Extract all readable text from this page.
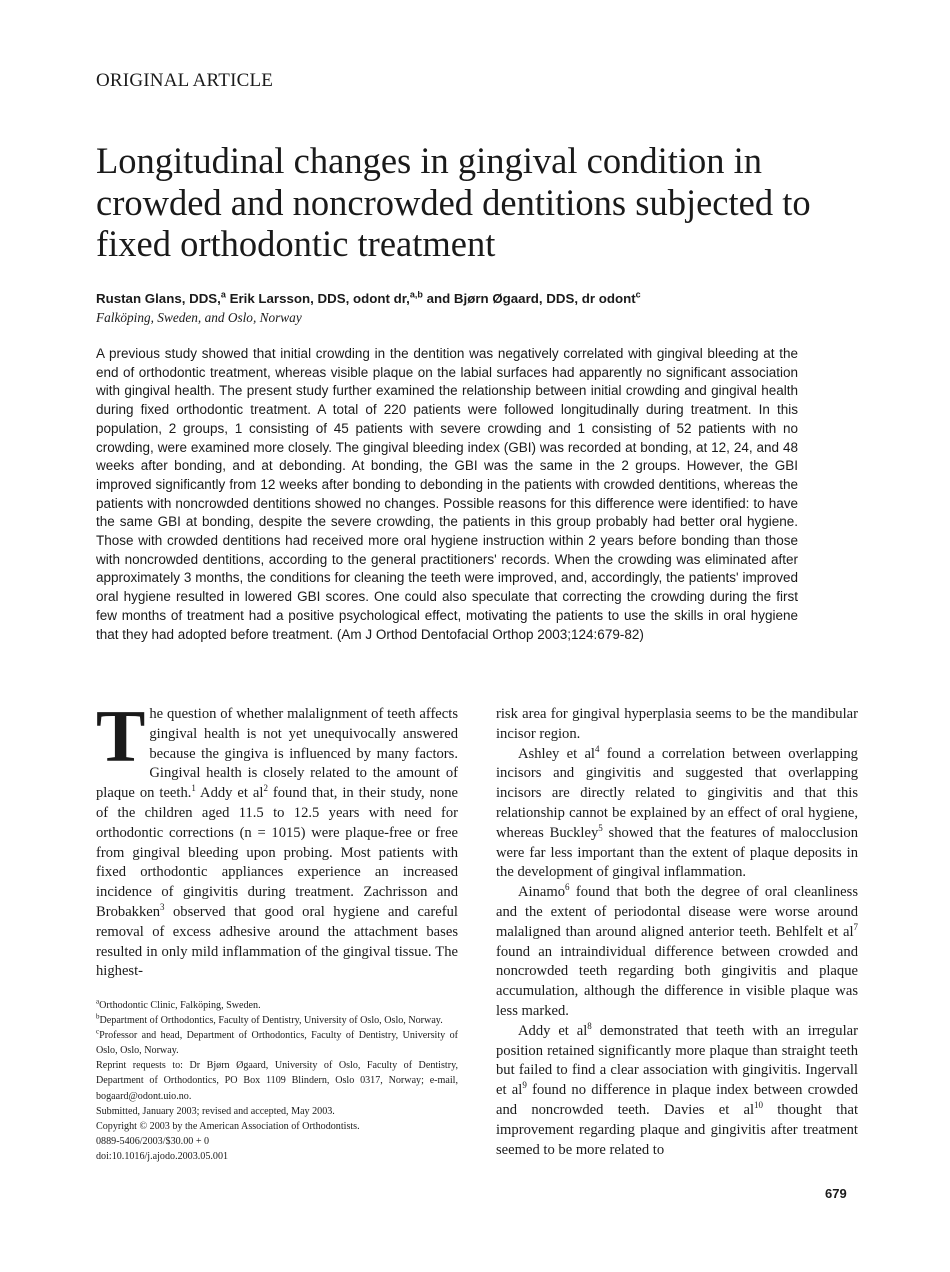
ORIGINAL ARTICLE
Longitudinal changes in gingival condition in crowded and noncrowded dentitions subjected to fixed orthodontic treatment
Rustan Glans, DDS,$^a$ Erik Larsson, DDS, odont dr,$^{a,b}$ and Bjørn Øgaard, DDS, dr odont$^c$
Falköping, Sweden, and Oslo, Norway

A previous study showed that initial crowding in the dentition was negatively correlated with gingival bleeding at the end of orthodontic treatment, whereas visible plaque on the labial surfaces had apparently no significant association with gingival health. The present study further examined the relationship between initial crowding and gingival health during fixed orthodontic treatment. A total of 220 patients were followed longitudinally during treatment. In this population, 2 groups, 1 consisting of 45 patients with severe crowding and 1 consisting of 52 patients with no crowding, were examined more closely. The gingival bleeding index (GBI) was recorded at bonding, at 12, 24, and 48 weeks after bonding, and at debonding. At bonding, the GBI was the same in the 2 groups. However, the GBI improved significantly from 12 weeks after bonding to debonding in the patients with crowded dentitions, whereas the patients with noncrowded dentitions showed no changes. Possible reasons for this difference were identified: to have the same GBI at bonding, despite the severe crowding, the patients in this group probably had better oral hygiene. Those with crowded dentitions had received more oral hygiene instruction within 2 years before bonding than those with noncrowded dentitions, according to the general practitioners' records. When the crowding was eliminated after approximately 3 months, the conditions for cleaning the teeth were improved, and, accordingly, the patients' improved oral hygiene resulted in lowered GBI scores. One could also speculate that correcting the crowding during the first few months of treatment had a positive psychological effect, motivating the patients to use the skills in oral hygiene that they had adopted before treatment. (Am J Orthod Dentofacial Orthop 2003;124:679-82)

The question of whether malalignment of teeth affects gingival health is not yet unequivocally answered because the gingiva is influenced by many factors. Gingival health is closely related to the amount of plaque on teeth.$^1$ Addy et $al^2$ found that, in their study, none of the children aged 11.5 to 12.5 years with need for orthodontic corrections (n = 1015) were plaque-free or free from gingival bleeding upon probing. Most patients with fixed orthodontic appliances experience an increased incidence of gingivitis during treatment. Zachrisson and Brobakken$^3$ observed that good oral hygiene and careful removal of excess adhesive around the attachment bases resulted in only mild inflammation of the gingival tissue. The highest-

$^a$Orthodontic Clinic, Falköping, Sweden.
$^b$Department of Orthodontics, Faculty of Dentistry, University of Oslo, Oslo, Norway.
$^c$Professor and head, Department of Orthodontics, Faculty of Dentistry, University of Oslo, Oslo, Norway.
Reprint requests to: Dr Bjørn Øgaard, University of Oslo, Faculty of Dentistry, Department of Orthodontics, PO Box 1109 Blindern, Oslo 0317, Norway; e-mail, bogaard@odont.uio.no.
Submitted, January 2003; revised and accepted, May 2003.
Copyright © 2003 by the American Association of Orthodontists.
0889-5406/2003/$30.00 + 0
doi:10.1016/j.ajodo.2003.05.001

risk area for gingival hyperplasia seems to be the mandibular incisor region.

Ashley et $al^4$ found a correlation between overlapping incisors and gingivitis and suggested that overlapping incisors are directly related to gingivitis and that this relationship cannot be explained by an effect of oral hygiene, whereas Buckley$^5$ showed that the features of malocclusion were far less important than the extent of plaque deposits in the development of gingival inflammation.

Ainamo$^6$ found that both the degree of oral cleanliness and the extent of periodontal disease were worse around malaligned than around aligned anterior teeth. Behlfelt et $al^7$ found an intraindividual difference between crowded and noncrowded teeth regarding both gingivitis and plaque accumulation, although the difference in visible plaque was less marked.

Addy et $al^8$ demonstrated that teeth with an irregular position retained significantly more plaque than straight teeth but failed to find a clear association with gingivitis. Ingervall et $al^9$ found no difference in plaque index between crowded and noncrowded teeth. Davies et $al^{10}$ thought that improvement regarding plaque and gingivitis after treatment seemed to be more related to

679
